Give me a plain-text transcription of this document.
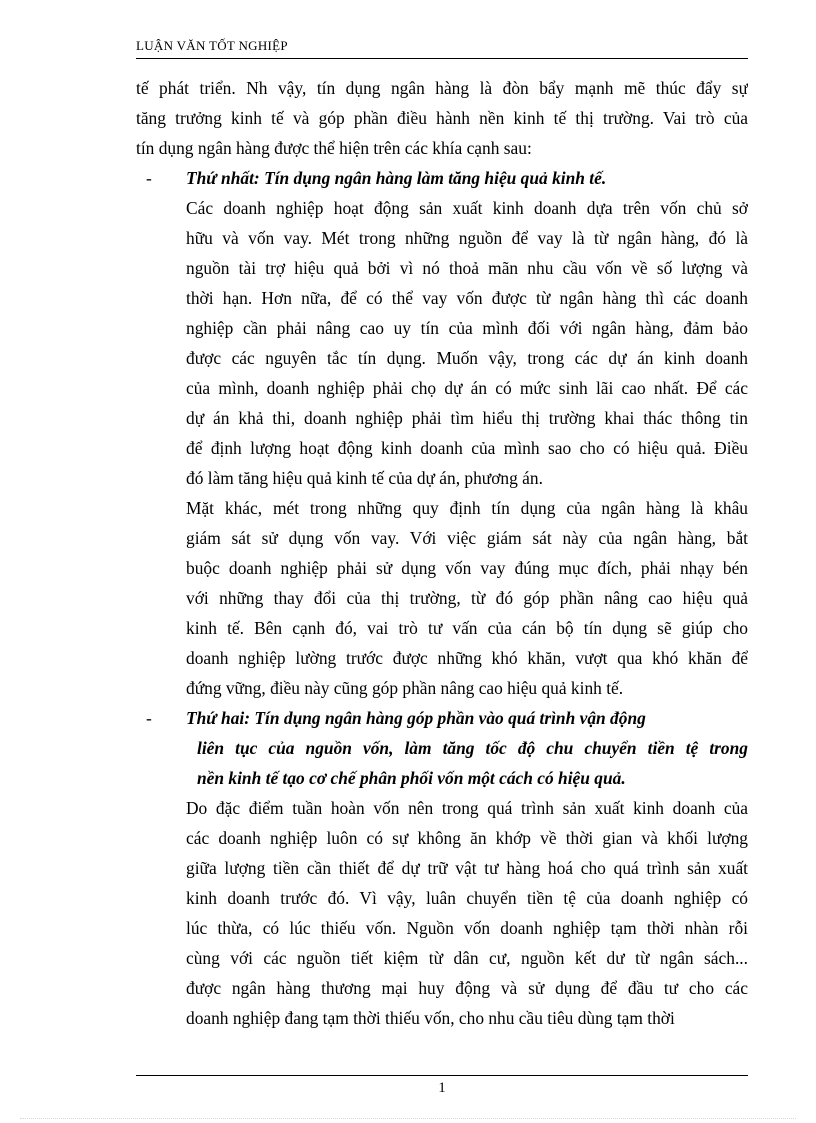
LUẬN VĂN TỐT NGHIỆP
tế phát triển. Nh vậy, tín dụng ngân hàng là đòn bẩy mạnh mẽ thúc đẩy sự
tăng trưởng kinh tế và góp phần điều hành nền kinh tế thị trường. Vai trò của
tín dụng ngân hàng được thể hiện trên các khía cạnh sau:
- Thứ nhất: Tín dụng ngân hàng làm tăng hiệu quả kinh tế.
Các doanh nghiệp hoạt động sản xuất kinh doanh dựa trên vốn chủ sở
hữu và vốn vay. Mét trong những nguồn để vay là từ ngân hàng, đó là
nguồn tài trợ hiệu quả bởi vì nó thoả mãn nhu cầu vốn về số lượng và
thời hạn. Hơn nữa, để có thể vay vốn được từ ngân hàng thì các doanh
nghiệp cần phải nâng cao uy tín của mình đối với ngân hàng, đảm bảo
được các nguyên tắc tín dụng. Muốn vậy, trong các dự án kinh doanh
của mình, doanh nghiệp phải chọ dự án có mức sinh lãi cao nhất. Để các
dự án khả thi, doanh nghiệp phải tìm hiểu thị trường khai thác thông tin
để định lượng hoạt động kinh doanh của mình sao cho có hiệu quả. Điều
đó làm tăng hiệu quả kinh tế của dự án, phương án.
Mặt khác, mét trong những quy định tín dụng của ngân hàng là khâu
giám sát sử dụng vốn vay. Với việc giám sát này của ngân hàng, bắt
buộc doanh nghiệp phải sử dụng vốn vay đúng mục đích, phải nhạy bén
với những thay đổi của thị trường, từ đó góp phần nâng cao hiệu quả
kinh tế. Bên cạnh đó, vai trò tư vấn của cán bộ tín dụng sẽ giúp cho
doanh nghiệp lường trước được những khó khăn, vượt qua khó khăn để
đứng vững, điều này cũng góp phần nâng cao hiệu quả kinh tế.
- Thứ hai: Tín dụng ngân hàng góp phần vào quá trình vận động
liên tục của nguồn vốn, làm tăng tốc độ chu chuyển tiền tệ trong
nền kinh tế tạo cơ chế phân phối vốn một cách có hiệu quả.
Do đặc điểm tuần hoàn vốn nên trong quá trình sản xuất kinh doanh của
các doanh nghiệp luôn có sự không ăn khớp về thời gian và khối lượng
giữa lượng tiền cần thiết để dự trữ vật tư hàng hoá cho quá trình sản xuất
kinh doanh trước đó. Vì vậy, luân chuyển tiền tệ của doanh nghiệp có
lúc thừa, có lúc thiếu vốn. Nguồn vốn doanh nghiệp tạm thời nhàn rỗi
cùng với các nguồn tiết kiệm từ dân cư, nguồn kết dư từ ngân sách...
được ngân hàng thương mại huy động và sử dụng để đầu tư cho các
doanh nghiệp đang tạm thời thiếu vốn, cho nhu cầu tiêu dùng tạm thời
1
